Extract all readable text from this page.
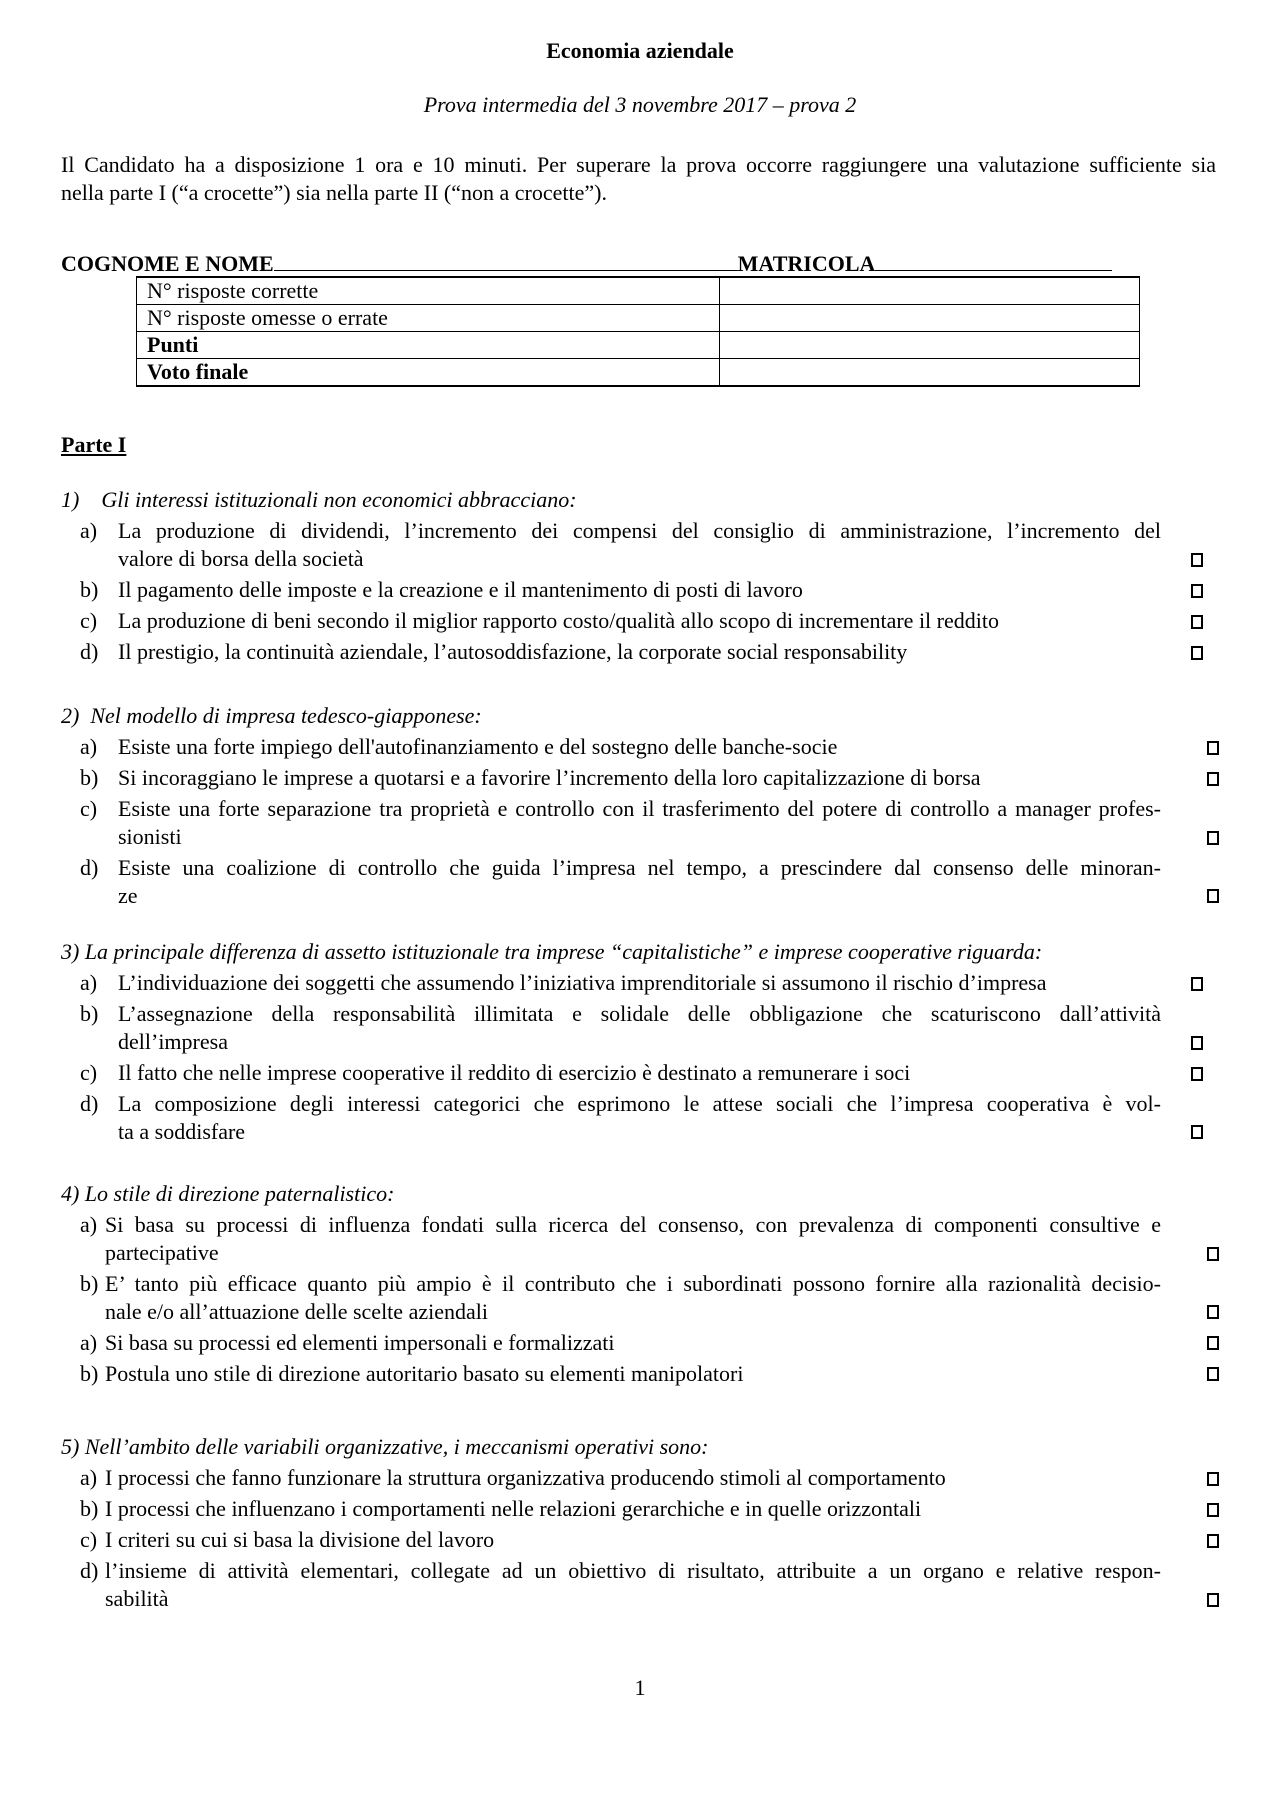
Economia aziendale
Prova intermedia del 3 novembre 2017 – prova 2
Il Candidato ha a disposizione 1 ora e 10 minuti. Per superare la prova occorre raggiungere una valutazione sufficiente sia
nella parte I (“a crocette”) sia nella parte II (“non a crocette”).
COGNOME E NOME	MATRICOLA
N° risposte corrette	
N° risposte omesse o errate	
Punti	
Voto finale	
Parte I
1)    Gli interessi istituzionali non economici abbracciano:
a) La produzione di dividendi, l’incremento dei compensi del consiglio di amministrazione, l’incremento del
valore di borsa della società
b) Il pagamento delle imposte e la creazione e il mantenimento di posti di lavoro
c) La produzione di beni secondo il miglior rapporto costo/qualità allo scopo di incrementare il reddito
d) Il prestigio, la continuità aziendale, l’autosoddisfazione, la corporate social responsability
2)  Nel modello di impresa tedesco-giapponese:
a) Esiste una forte impiego dell'autofinanziamento e del sostegno delle banche-socie
b) Si incoraggiano le imprese a quotarsi e a favorire l’incremento della loro capitalizzazione di borsa
c) Esiste una forte separazione tra proprietà e controllo con il trasferimento del potere di controllo a manager profes-
sionisti
d) Esiste una coalizione di controllo che guida l’impresa nel tempo, a prescindere dal consenso delle minoran-
ze
3) La principale differenza di assetto istituzionale tra imprese “capitalistiche” e imprese cooperative riguarda:
a) L’individuazione dei soggetti che assumendo l’iniziativa imprenditoriale si assumono il rischio d’impresa
b) L’assegnazione della responsabilità illimitata e solidale delle obbligazione che scaturiscono dall’attività
dell’impresa
c) Il fatto che nelle imprese cooperative il reddito di esercizio è destinato a remunerare i soci
d) La composizione degli interessi categorici che esprimono le attese sociali che l’impresa cooperativa è vol-
ta a soddisfare
4) Lo stile di direzione paternalistico:
a) Si basa su processi di influenza fondati sulla ricerca del consenso, con prevalenza di componenti consultive e
partecipative
b) E’ tanto più efficace quanto più ampio è il contributo che i subordinati possono fornire alla razionalità decisio-
nale e/o all’attuazione delle scelte aziendali
a) Si basa su processi ed elementi impersonali e formalizzati
b) Postula uno stile di direzione autoritario basato su elementi manipolatori
5) Nell’ambito delle variabili organizzative, i meccanismi operativi sono:
a) I processi che fanno funzionare la struttura organizzativa producendo stimoli al comportamento
b) I processi che influenzano i comportamenti nelle relazioni gerarchiche e in quelle orizzontali
c) I criteri su cui si basa la divisione del lavoro
d) l’insieme di attività elementari, collegate ad un obiettivo di risultato, attribuite a un organo e relative respon-
sabilità
1
